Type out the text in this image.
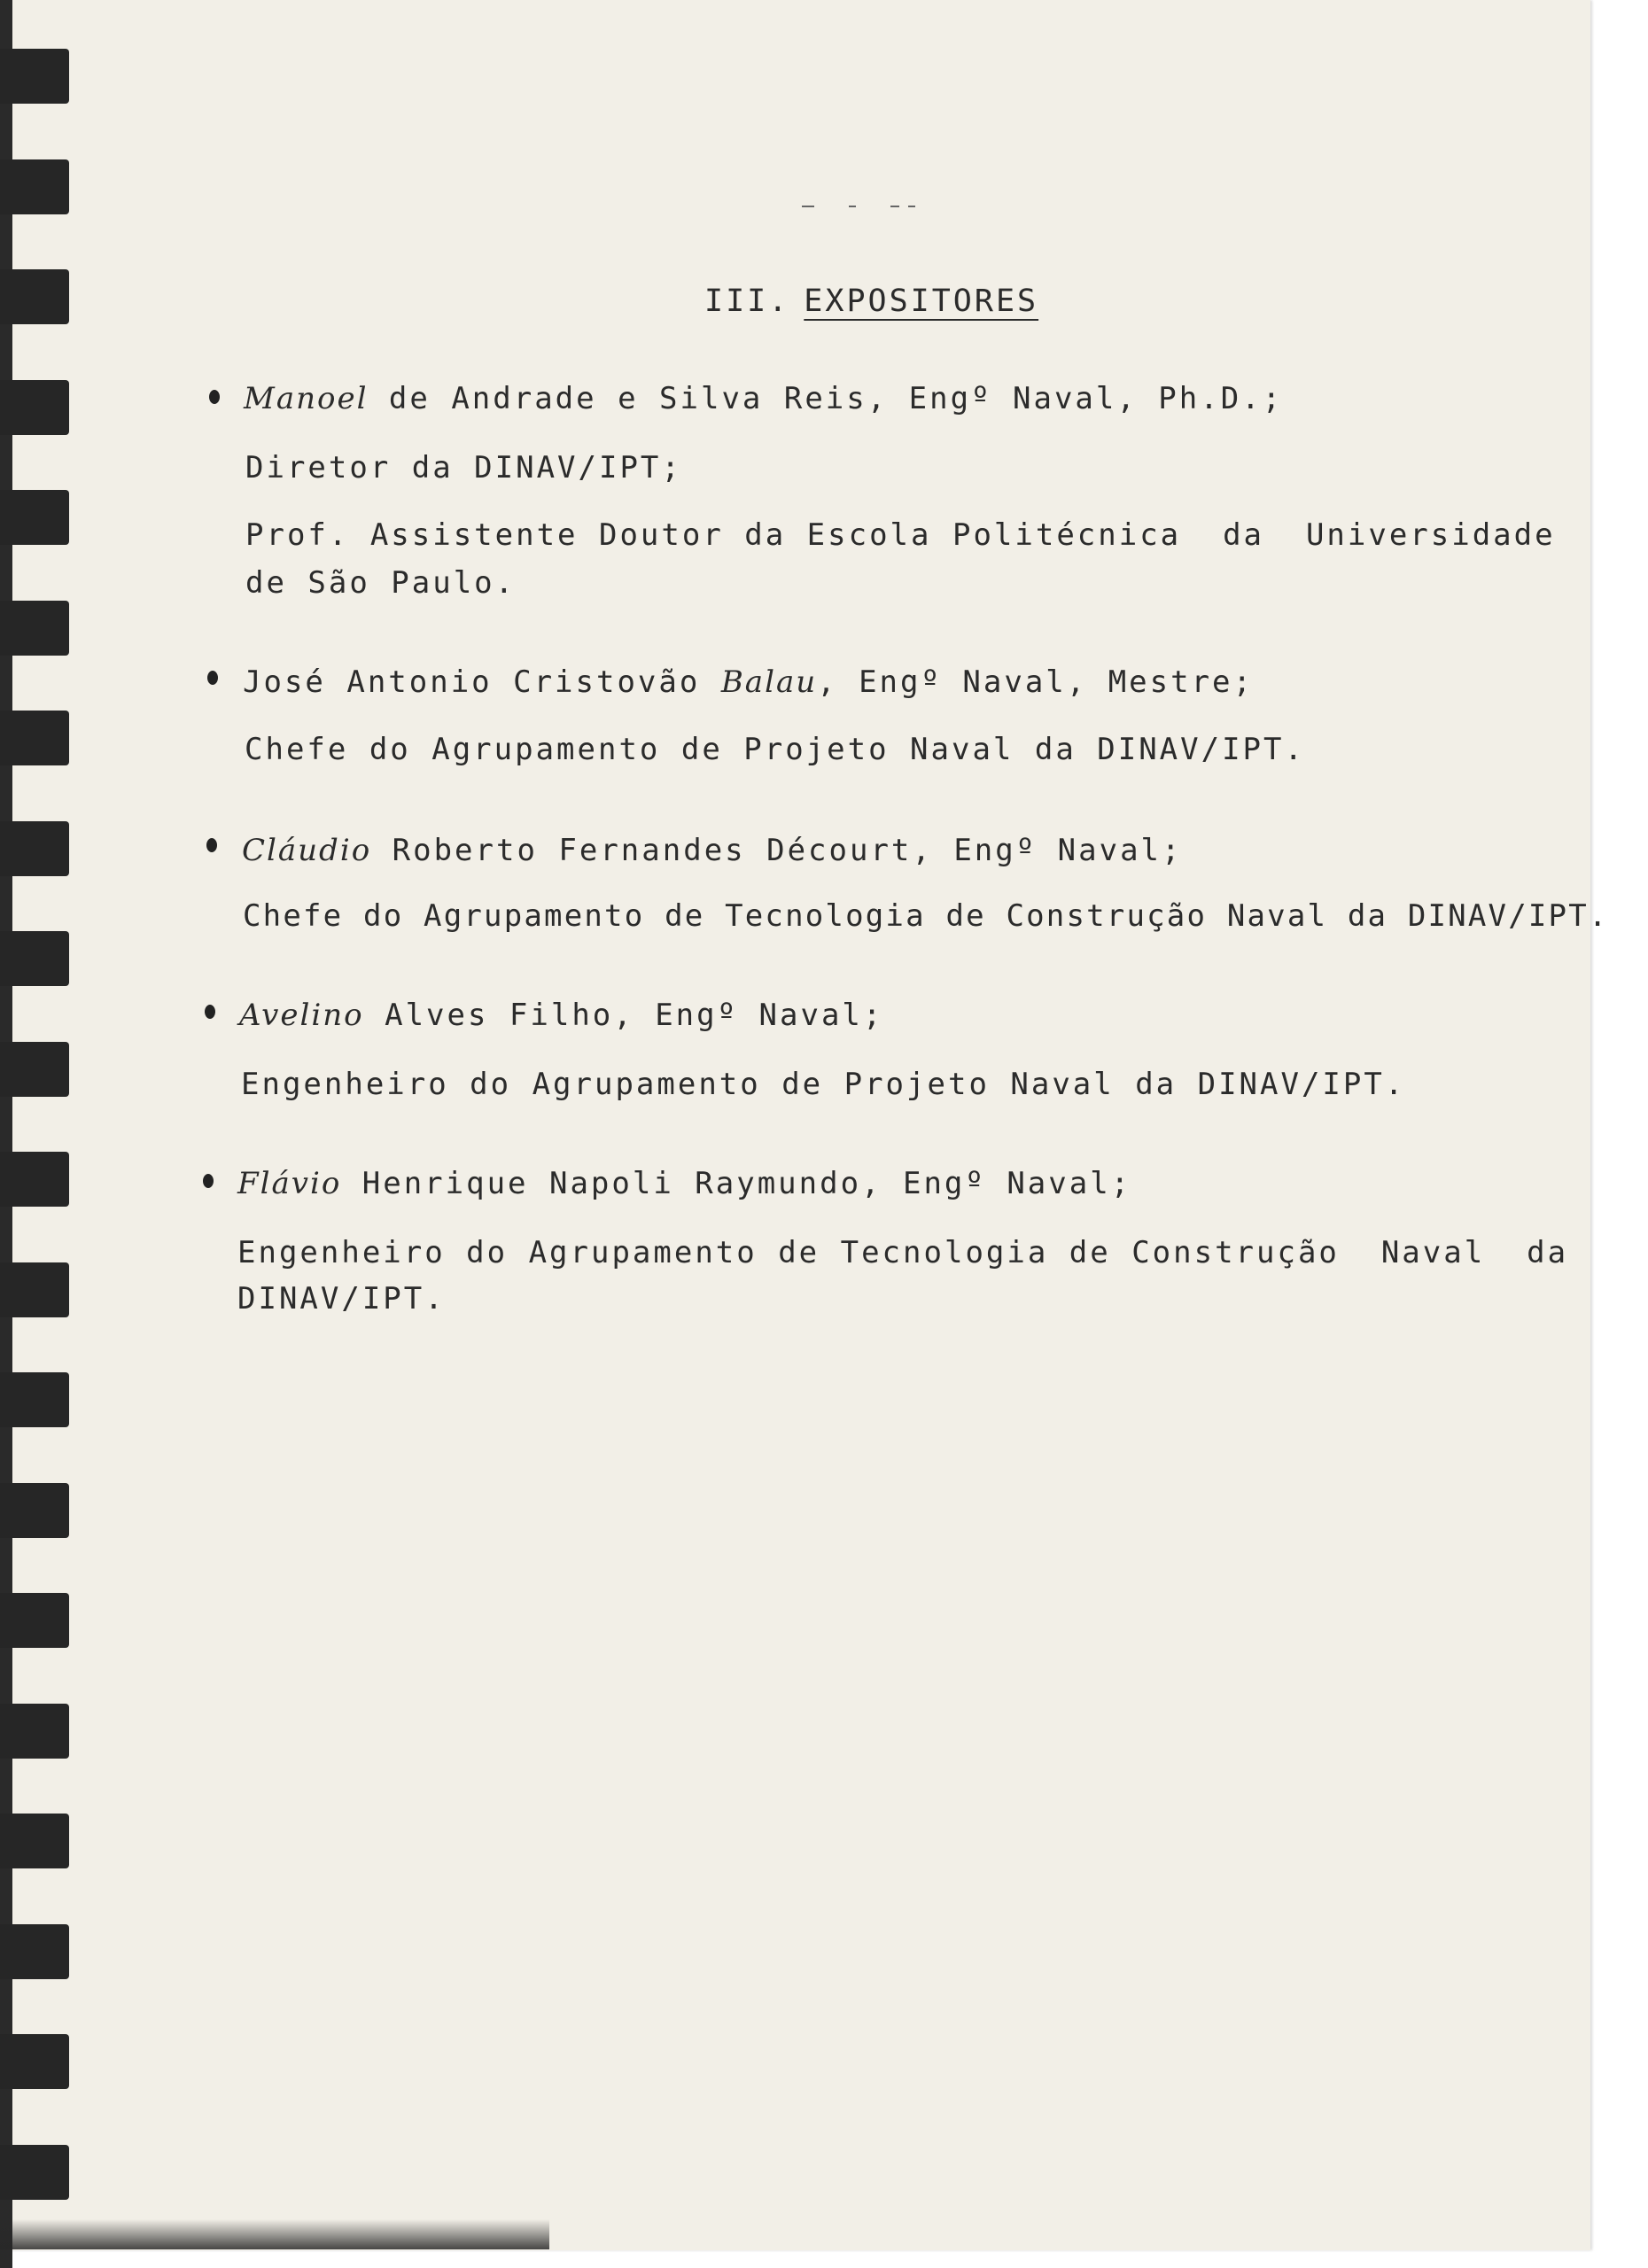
III. EXPOSITORES
Manoel de Andrade e Silva Reis, Engº Naval, Ph.D.;
Diretor da DINAV/IPT;
Prof. Assistente Doutor da Escola Politécnica  da  Universidade
de São Paulo.
José Antonio Cristovão Balau, Engº Naval, Mestre;
Chefe do Agrupamento de Projeto Naval da DINAV/IPT.
Cláudio Roberto Fernandes Décourt, Engº Naval;
Chefe do Agrupamento de Tecnologia de Construção Naval da DINAV/IPT.
Avelino Alves Filho, Engº Naval;
Engenheiro do Agrupamento de Projeto Naval da DINAV/IPT.
Flávio Henrique Napoli Raymundo, Engº Naval;
Engenheiro do Agrupamento de Tecnologia de Construção  Naval  da
DINAV/IPT.
